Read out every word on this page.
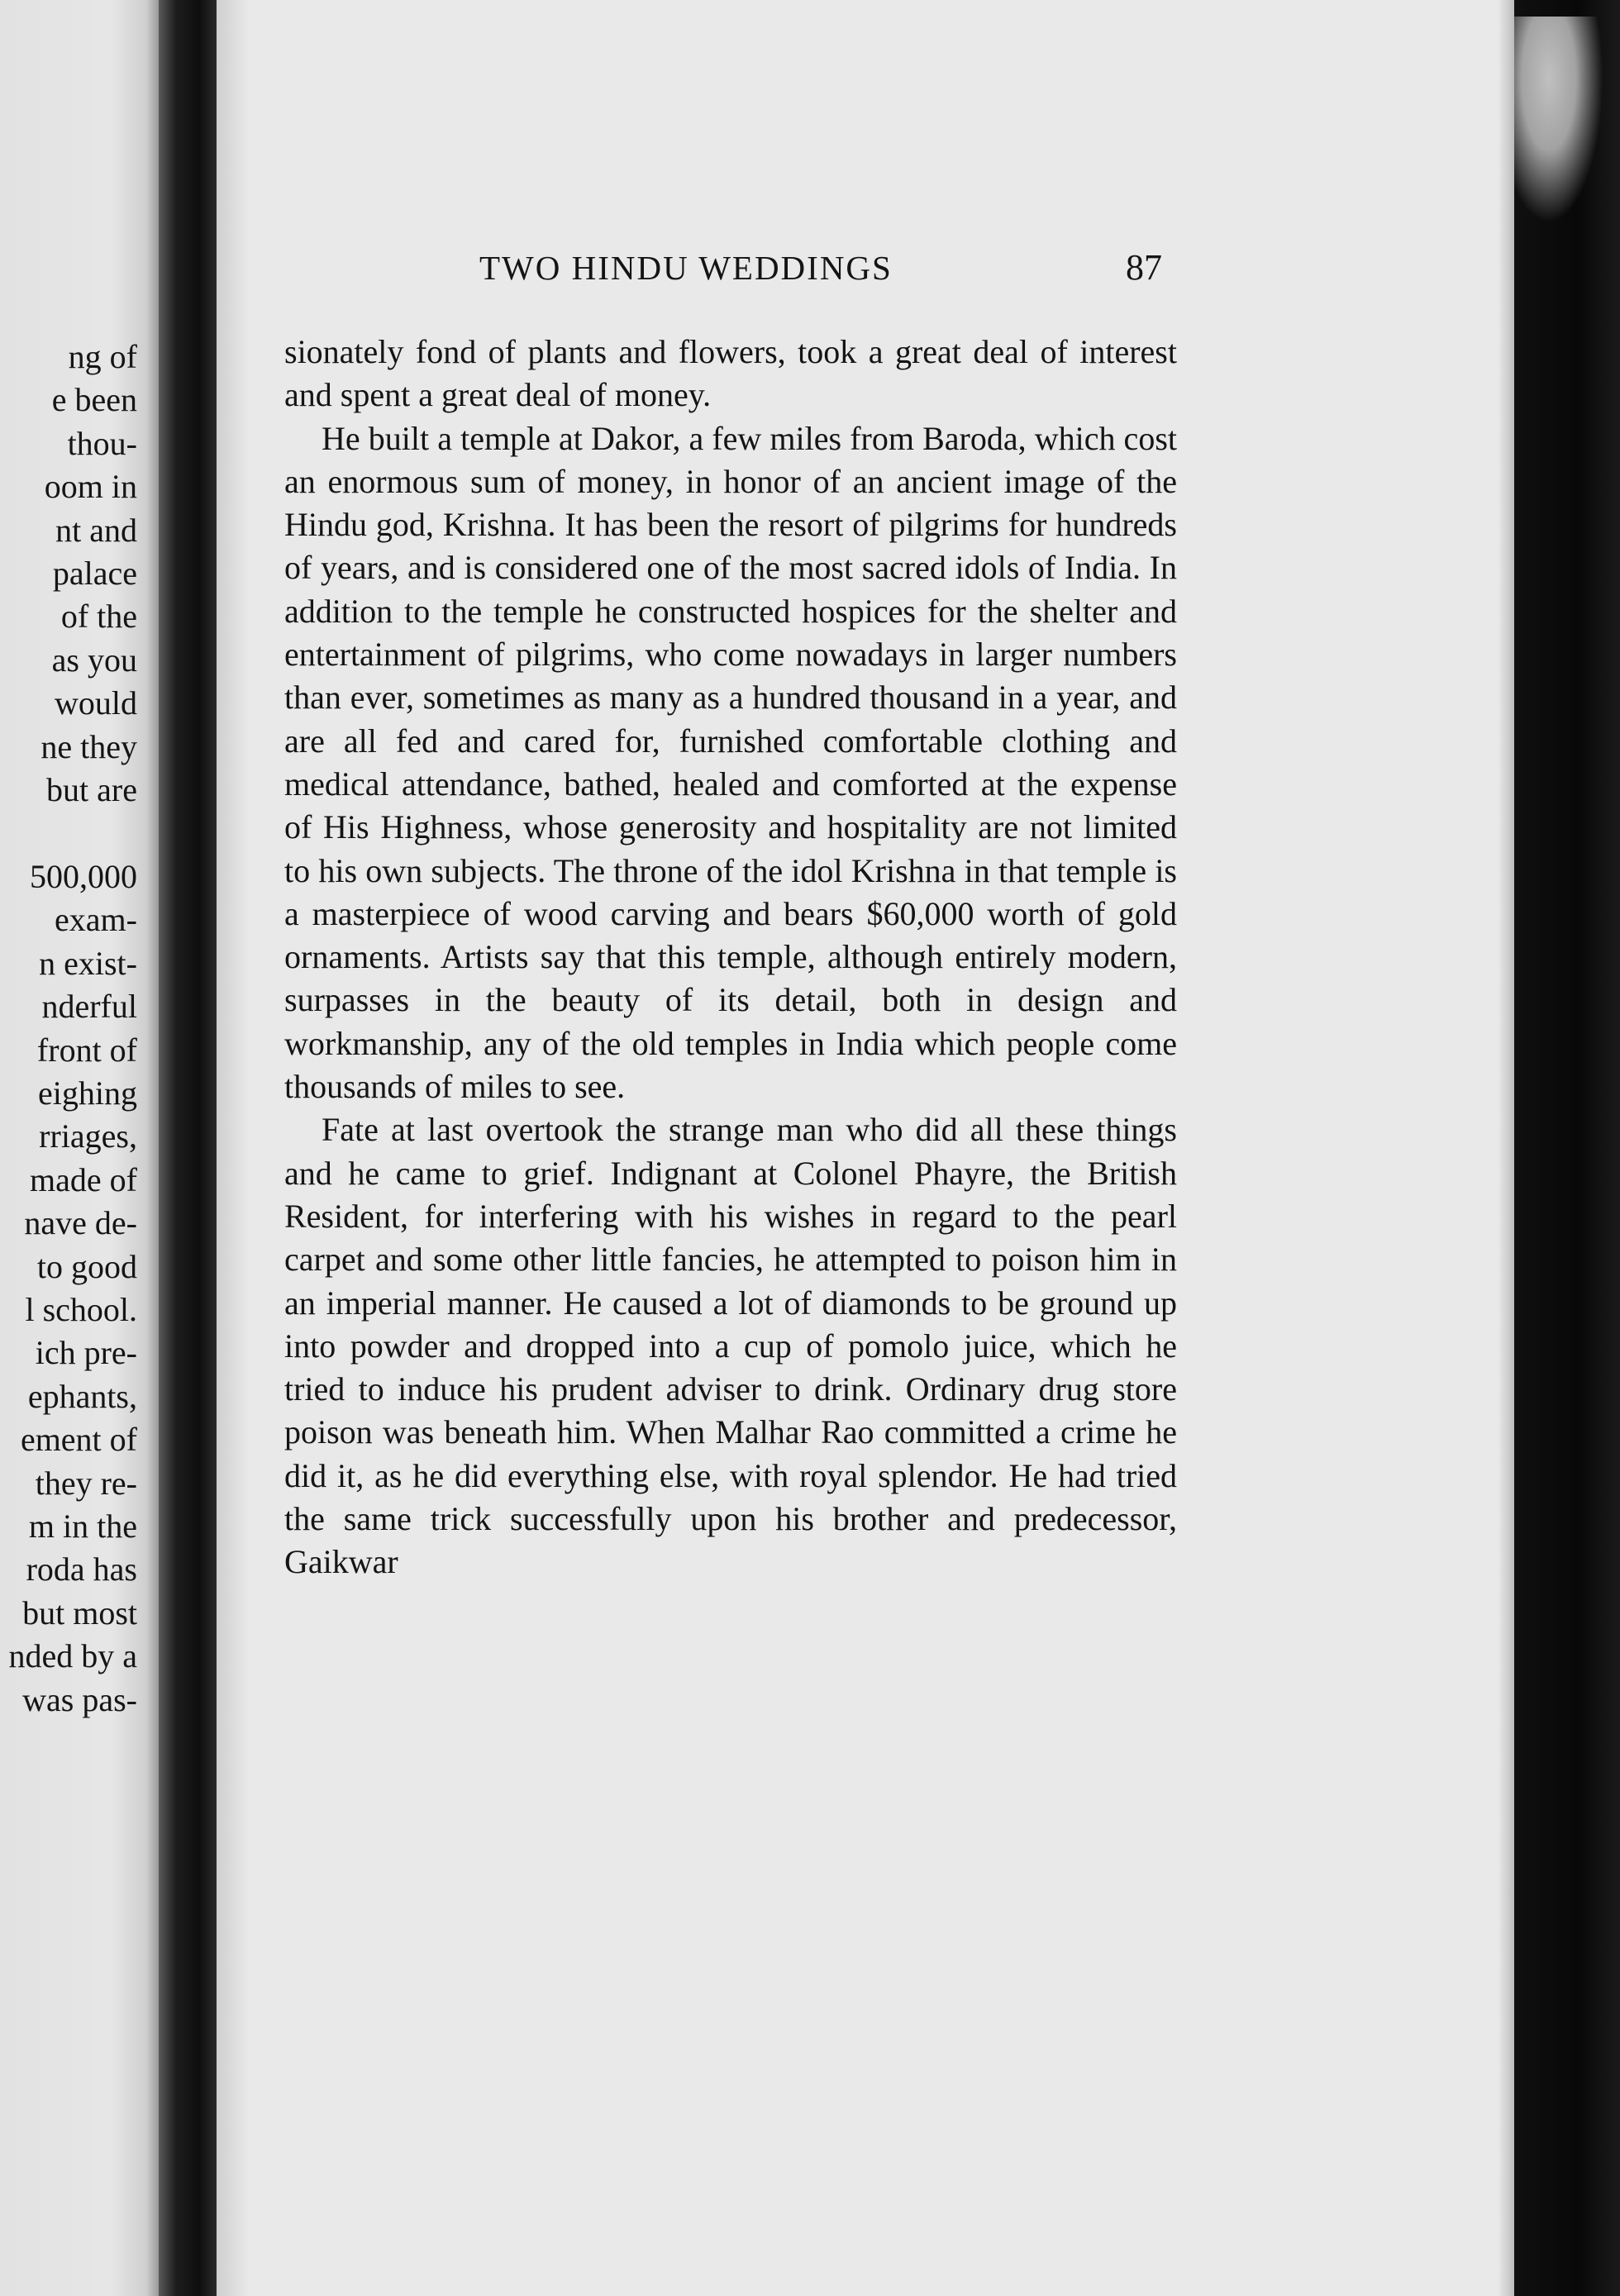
ng of
e been
thou-
oom in
nt and
palace
of the
as you
would
ne they
but are

500,000
exam-
n exist-
nderful
front of
eighing
rriages,
made of
nave de-
to good
l school.
ich pre-
ephants,
ement of
they re-
m in the
roda has
but most
nded by a
was pas-
TWO HINDU WEDDINGS	87

sionately fond of plants and flowers, took a great deal of interest and spent a great deal of money.

He built a temple at Dakor, a few miles from Baroda, which cost an enormous sum of money, in honor of an ancient image of the Hindu god, Krishna. It has been the resort of pilgrims for hundreds of years, and is considered one of the most sacred idols of India. In addition to the temple he constructed hospices for the shelter and entertainment of pilgrims, who come nowadays in larger numbers than ever, sometimes as many as a hundred thousand in a year, and are all fed and cared for, furnished comfortable clothing and medical attendance, bathed, healed and comforted at the expense of His Highness, whose generosity and hospitality are not limited to his own subjects. The throne of the idol Krishna in that temple is a masterpiece of wood carving and bears $60,000 worth of gold ornaments. Artists say that this temple, although entirely modern, surpasses in the beauty of its detail, both in design and workmanship, any of the old temples in India which people come thousands of miles to see.

Fate at last overtook the strange man who did all these things and he came to grief. Indignant at Colonel Phayre, the British Resident, for interfering with his wishes in regard to the pearl carpet and some other little fancies, he attempted to poison him in an imperial manner. He caused a lot of diamonds to be ground up into powder and dropped into a cup of pomolo juice, which he tried to induce his prudent adviser to drink. Ordinary drug store poison was beneath him. When Malhar Rao committed a crime he did it, as he did everything else, with royal splendor. He had tried the same trick successfully upon his brother and predecessor, Gaikwar
